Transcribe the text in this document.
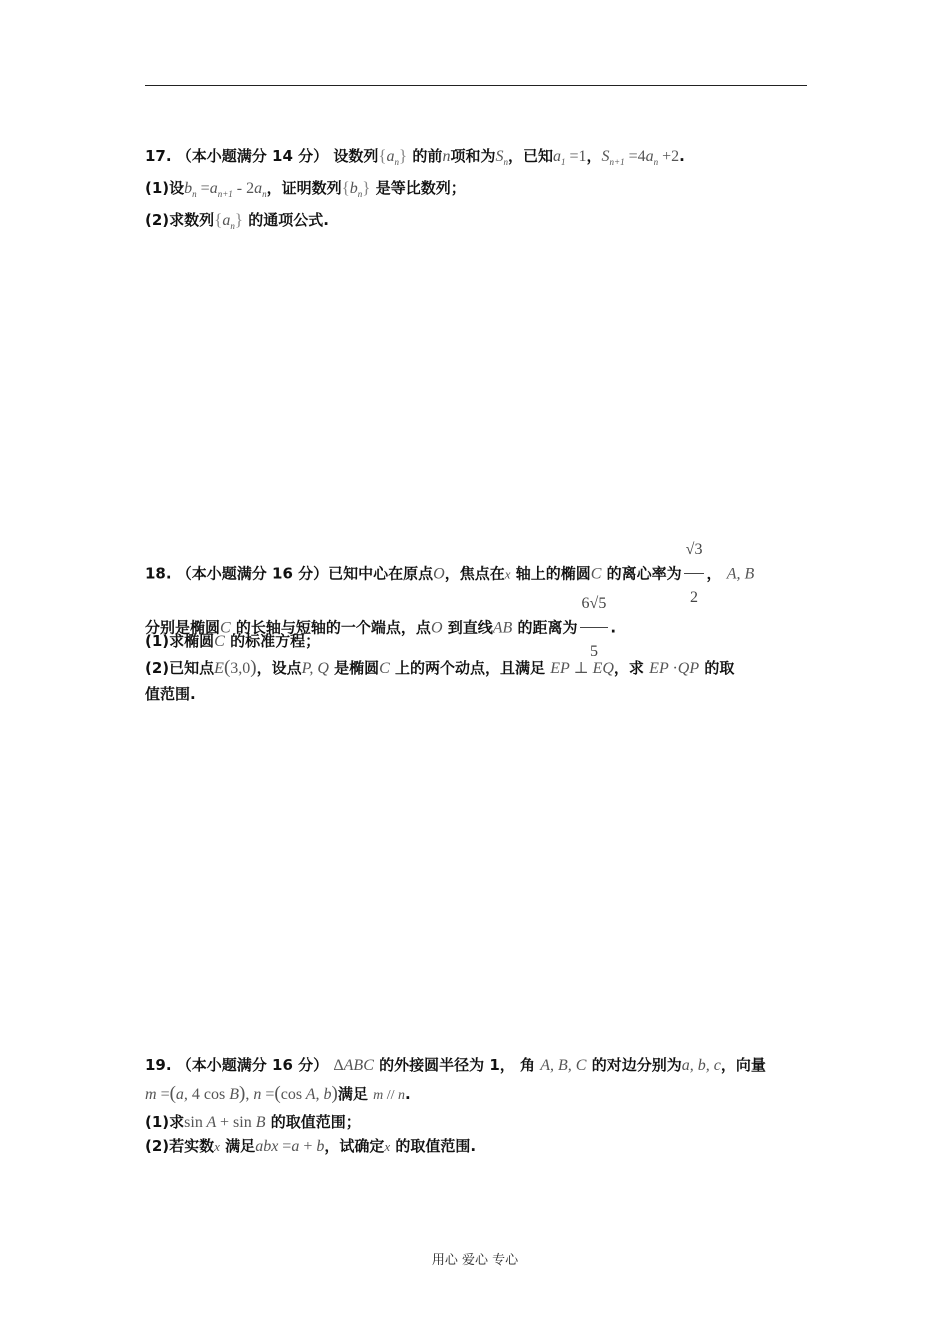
17. （本小题满分 14 分） 设数列$\{a_n\}$ 的前n项和为$S_n$，已知$a_1 =1$，$S_{n+1} =4a_n +2$.
(1)设$b_n =a_{n+1} - 2a_n$，证明数列$\{b_n\}$ 是等比数列；
(2)求数列$\{a_n\}$ 的通项公式.
18. （本小题满分 16 分）已知中心在原点O，焦点在x 轴上的椭圆C 的离心率为 $\frac{√3}{2}$ ， A, B
分别是椭圆C 的长轴与短轴的一个端点，点O 到直线AB 的距离为 $\frac{6√5}{5}$ .
(1)求椭圆C 的标准方程；
(2)已知点E(3,0)，设点P, Q 是椭圆C 上的两个动点，且满足 EP ⊥ EQ，求 EP ·QP 的取
值范围.
19. （本小题满分 16 分） ΔABC 的外接圆半径为 1， 角 A, B, C 的对边分别为a, b, c，向量
m =(a, 4 cos B), n =(cos A, b)满足 m // n.
(1)求sin A + sin B 的取值范围；
(2)若实数x 满足abx =a + b，试确定x 的取值范围.
用心 爱心 专心
